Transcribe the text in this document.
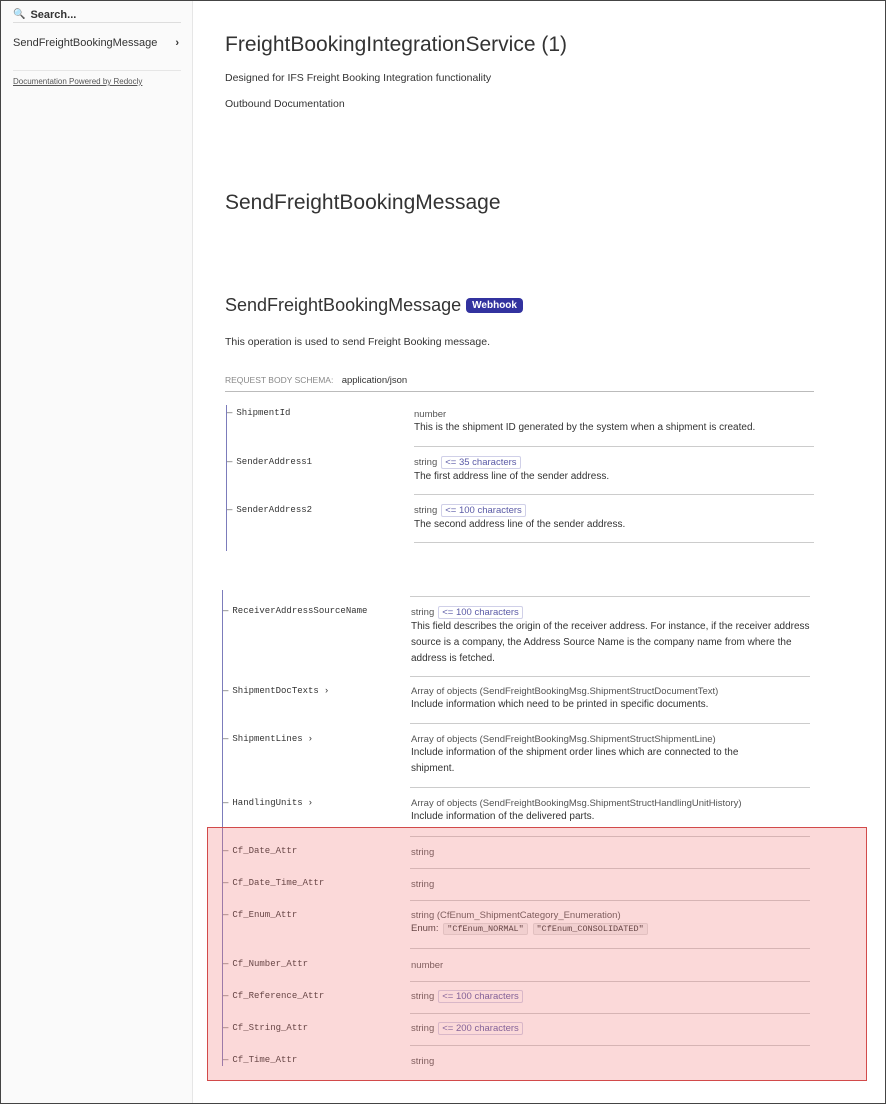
🔍
Search...
SendFreightBookingMessage ›
Documentation Powered by Redocly
FreightBookingIntegrationService (1)
Designed for IFS Freight Booking Integration functionality
Outbound Documentation
SendFreightBookingMessage
SendFreightBookingMessage	Webhook
This operation is used to send Freight Booking message.
REQUEST BODY SCHEMA: application/json
— ShipmentId	number
This is the shipment ID generated by the system when a shipment is created.
— SenderAddress1	string <= 35 characters
The first address line of the sender address.
— SenderAddress2	string <= 100 characters
The second address line of the sender address.
— ReceiverAddressSourceName	string <= 100 characters
This field describes the origin of the receiver address. For instance, if the receiver address source is a company, the Address Source Name is the company name from where the address is fetched.
— ShipmentDocTexts ›	Array of objects (SendFreightBookingMsg.ShipmentStructDocumentText)
Include information which need to be printed in specific documents.
— ShipmentLines ›	Array of objects (SendFreightBookingMsg.ShipmentStructShipmentLine)
Include information of the shipment order lines which are connected to the shipment.
— HandlingUnits ›	Array of objects (SendFreightBookingMsg.ShipmentStructHandlingUnitHistory)
Include information of the delivered parts.
— Cf_Date_Attr	string
— Cf_Date_Time_Attr	string
— Cf_Enum_Attr	string (CfEnum_ShipmentCategory_Enumeration)
Enum: "CfEnum_NORMAL" "CfEnum_CONSOLIDATED"
— Cf_Number_Attr	number
— Cf_Reference_Attr	string <= 100 characters
— Cf_String_Attr	string <= 200 characters
— Cf_Time_Attr	string
